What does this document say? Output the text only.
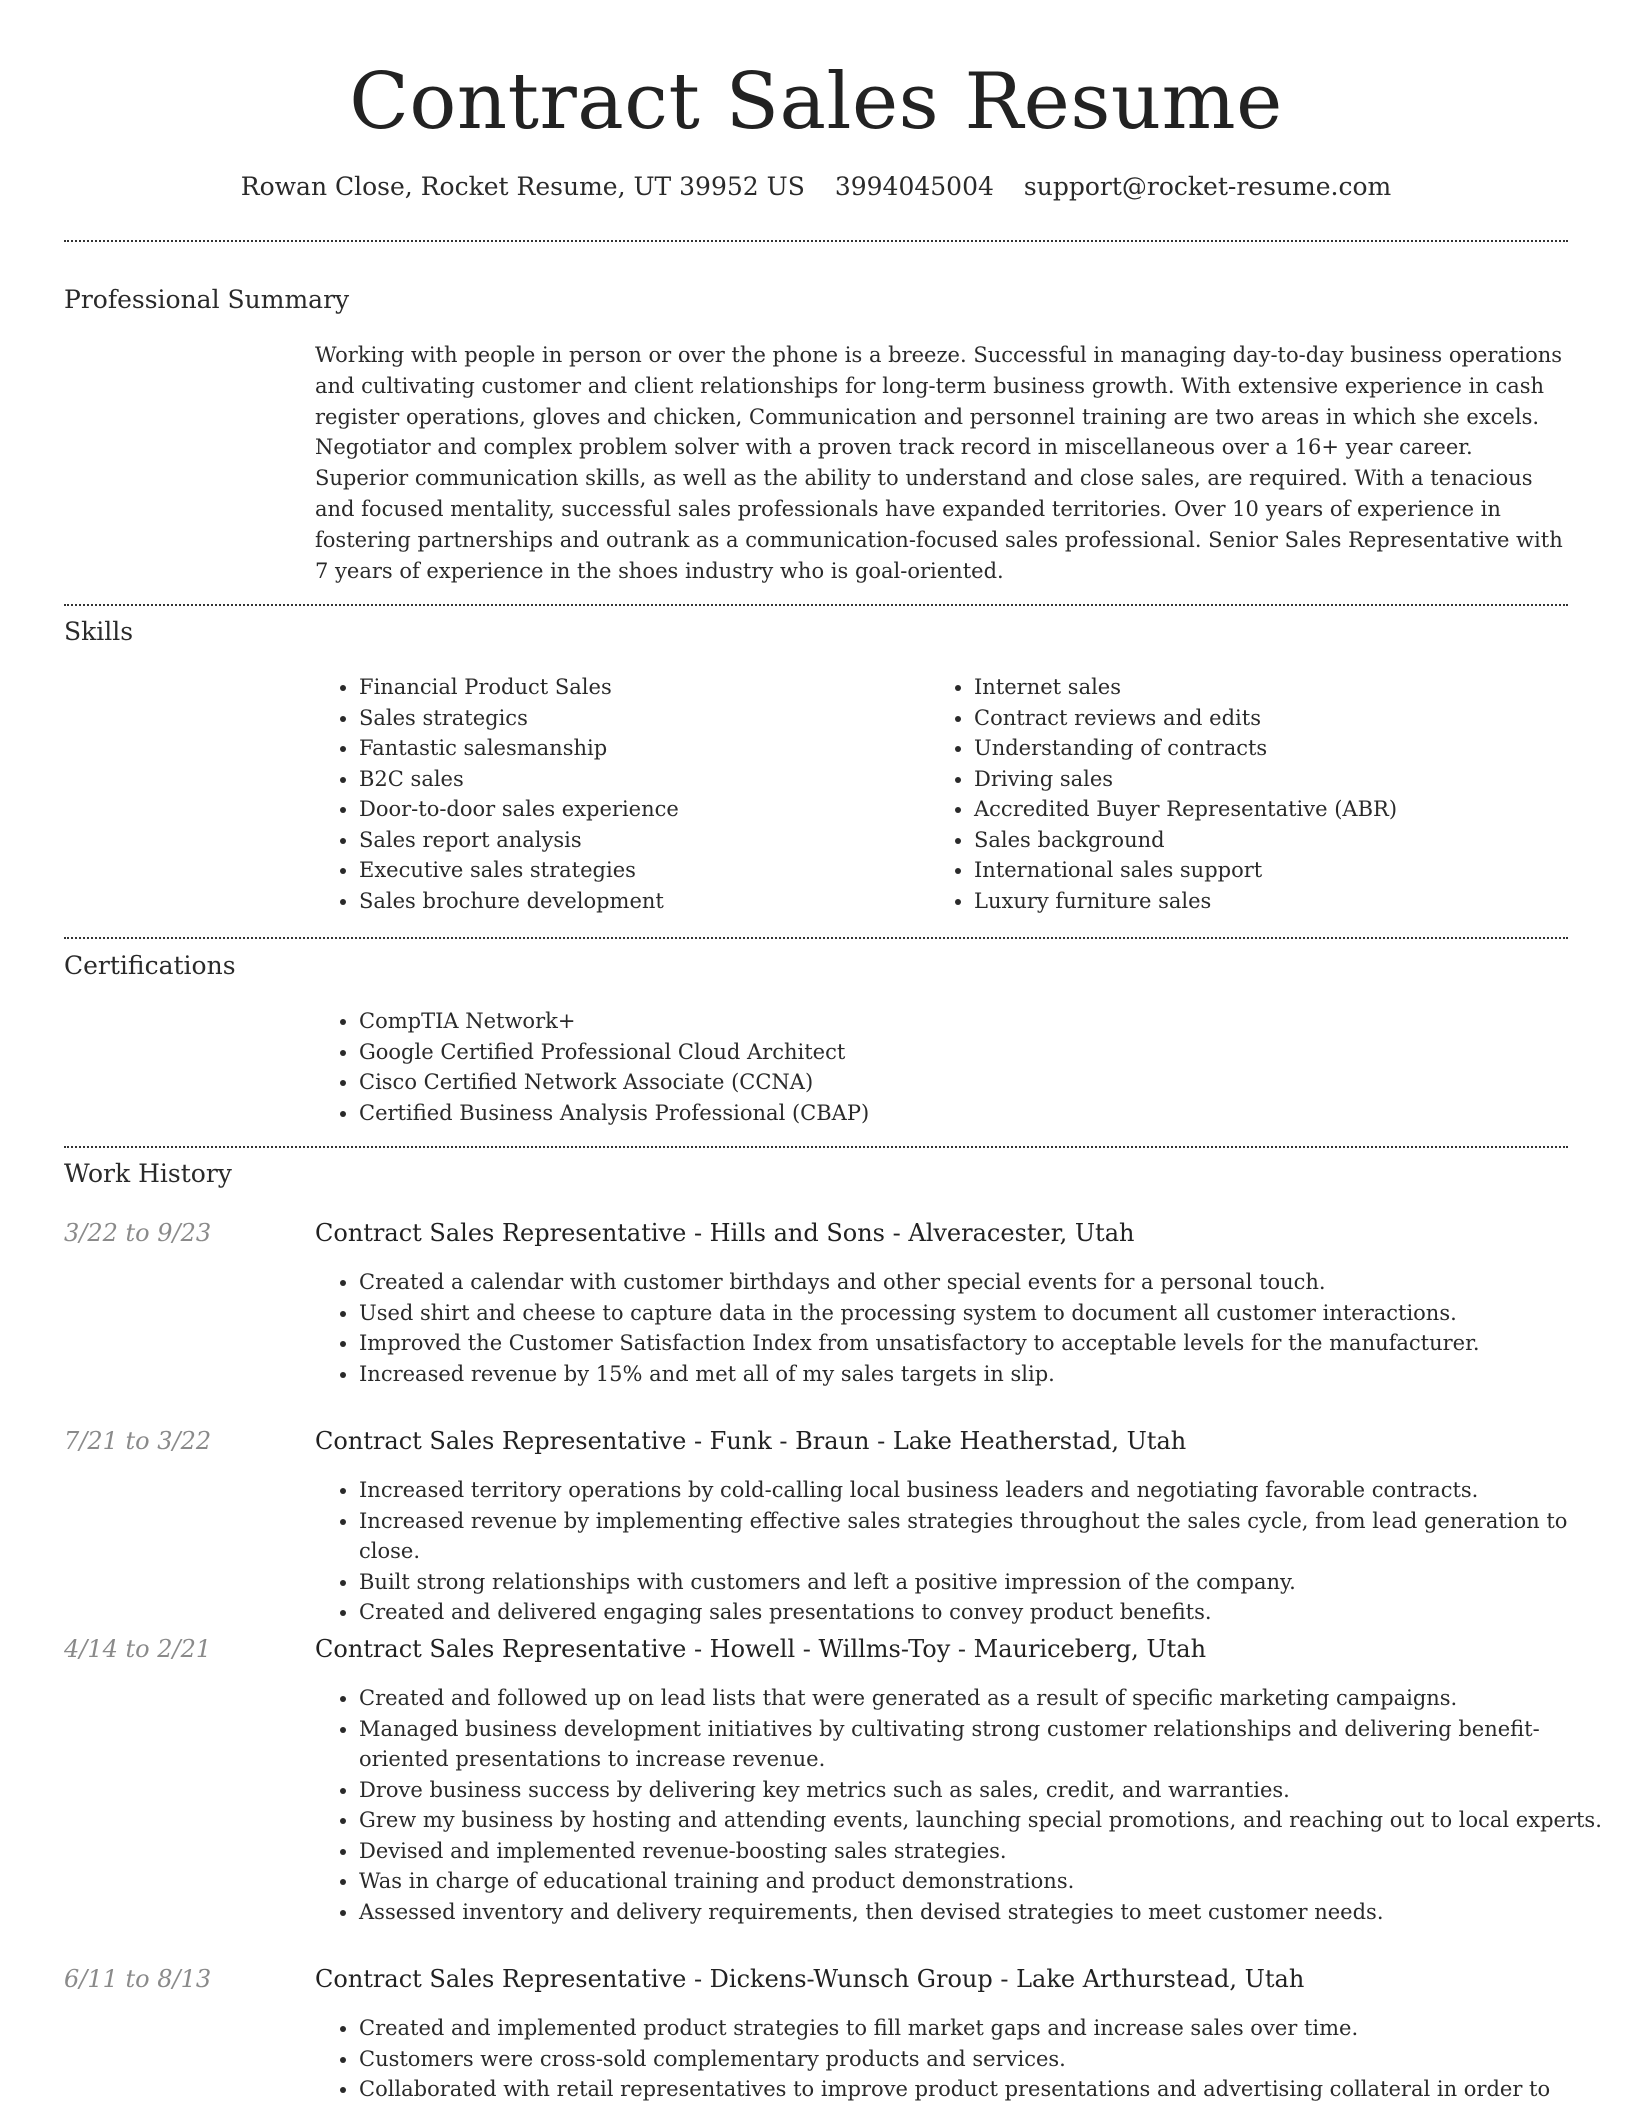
Contract Sales Resume
Rowan Close, Rocket Resume, UT 39952 US 3994045004 support@rocket-resume.com
Professional Summary
Working with people in person or over the phone is a breeze. Successful in managing day-to-day business operations and cultivating customer and client relationships for long-term business growth. With extensive experience in cash register operations, gloves and chicken, Communication and personnel training are two areas in which she excels. Negotiator and complex problem solver with a proven track record in miscellaneous over a 16+ year career. Superior communication skills, as well as the ability to understand and close sales, are required. With a tenacious and focused mentality, successful sales professionals have expanded territories. Over 10 years of experience in fostering partnerships and outrank as a communication-focused sales professional. Senior Sales Representative with 7 years of experience in the shoes industry who is goal-oriented.
Skills
• Financial Product Sales
• Sales strategics
• Fantastic salesmanship
• B2C sales
• Door-to-door sales experience
• Sales report analysis
• Executive sales strategies
• Sales brochure development
• Internet sales
• Contract reviews and edits
• Understanding of contracts
• Driving sales
• Accredited Buyer Representative (ABR)
• Sales background
• International sales support
• Luxury furniture sales
Certifications
• CompTIA Network+
• Google Certified Professional Cloud Architect
• Cisco Certified Network Associate (CCNA)
• Certified Business Analysis Professional (CBAP)
Work History
3/22 to 9/23	Contract Sales Representative - Hills and Sons - Alveracester, Utah
• Created a calendar with customer birthdays and other special events for a personal touch.
• Used shirt and cheese to capture data in the processing system to document all customer interactions.
• Improved the Customer Satisfaction Index from unsatisfactory to acceptable levels for the manufacturer.
• Increased revenue by 15% and met all of my sales targets in slip.
7/21 to 3/22	Contract Sales Representative - Funk - Braun - Lake Heatherstad, Utah
• Increased territory operations by cold-calling local business leaders and negotiating favorable contracts.
• Increased revenue by implementing effective sales strategies throughout the sales cycle, from lead generation to close.
• Built strong relationships with customers and left a positive impression of the company.
• Created and delivered engaging sales presentations to convey product benefits.
4/14 to 2/21	Contract Sales Representative - Howell - Willms-Toy - Mauriceberg, Utah
• Created and followed up on lead lists that were generated as a result of specific marketing campaigns.
• Managed business development initiatives by cultivating strong customer relationships and delivering benefit-oriented presentations to increase revenue.
• Drove business success by delivering key metrics such as sales, credit, and warranties.
• Grew my business by hosting and attending events, launching special promotions, and reaching out to local experts.
• Devised and implemented revenue-boosting sales strategies.
• Was in charge of educational training and product demonstrations.
• Assessed inventory and delivery requirements, then devised strategies to meet customer needs.
6/11 to 8/13	Contract Sales Representative - Dickens-Wunsch Group - Lake Arthurstead, Utah
• Created and implemented product strategies to fill market gaps and increase sales over time.
• Customers were cross-sold complementary products and services.
• Collaborated with retail representatives to improve product presentations and advertising collateral in order to
